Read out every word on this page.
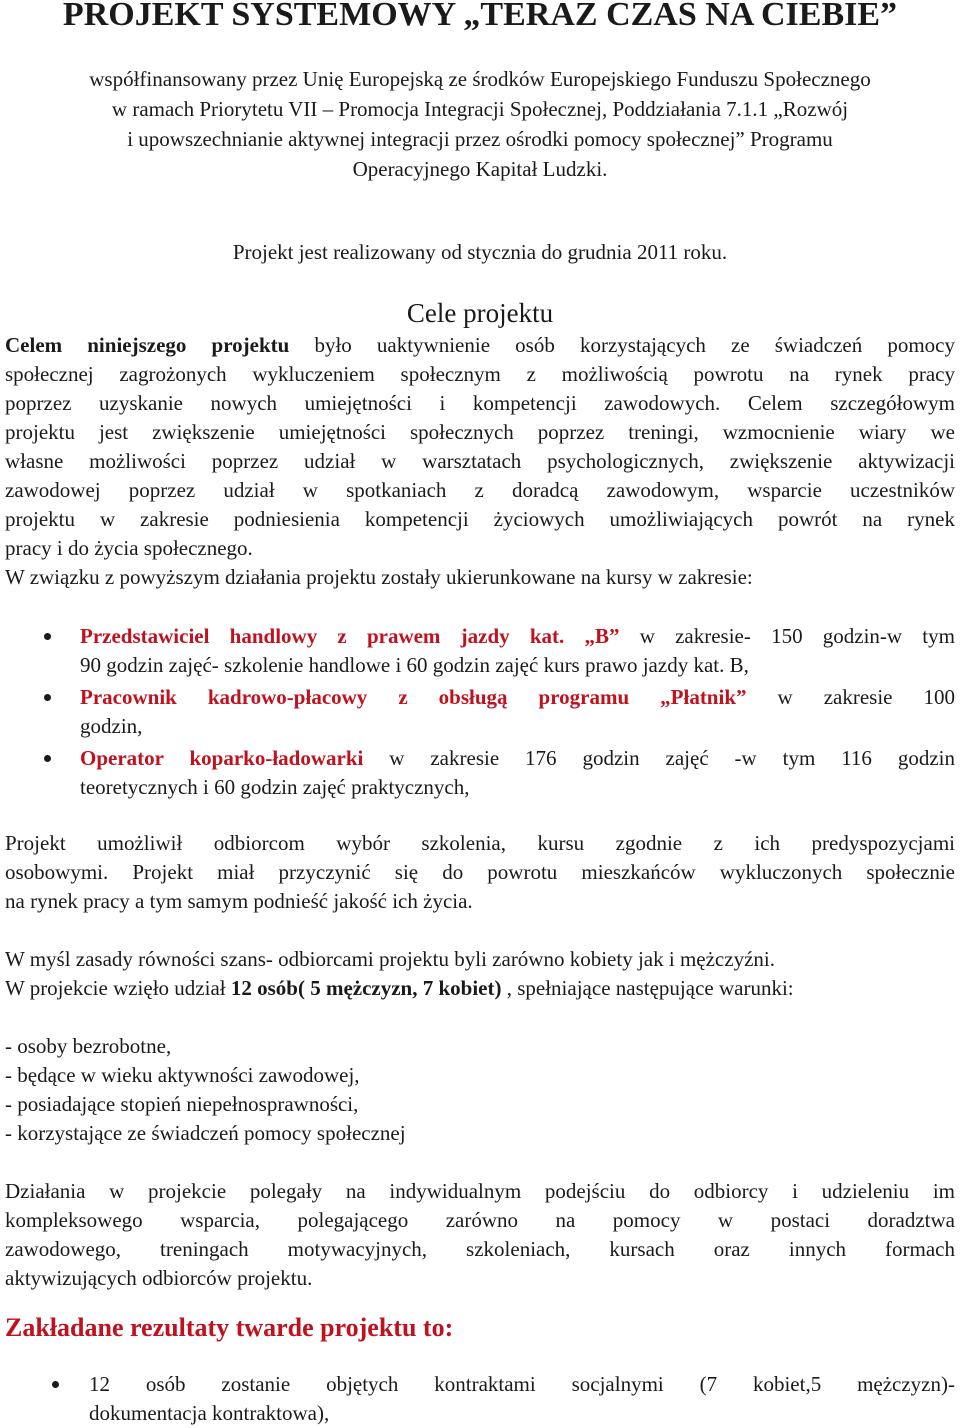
PROJEKT SYSTEMOWY „TERAZ CZAS NA CIEBIE”
współfinansowany przez Unię Europejską ze środków Europejskiego Funduszu Społecznego
w ramach Priorytetu VII – Promocja Integracji Społecznej, Poddziałania 7.1.1 „Rozwój
i upowszechnianie aktywnej integracji przez ośrodki pomocy społecznej” Programu
Operacyjnego Kapitał Ludzki.
Projekt jest realizowany od stycznia do grudnia 2011 roku.
Cele projektu
Celem niniejszego projektu było uaktywnienie osób korzystających ze świadczeń pomocy
społecznej zagrożonych wykluczeniem społecznym z możliwością powrotu na rynek pracy
poprzez uzyskanie nowych umiejętności i kompetencji zawodowych. Celem szczegółowym
projektu jest zwiększenie umiejętności społecznych poprzez treningi, wzmocnienie wiary we
własne możliwości poprzez udział w warsztatach psychologicznych, zwiększenie aktywizacji
zawodowej poprzez udział w spotkaniach z doradcą zawodowym, wsparcie uczestników
projektu w zakresie podniesienia kompetencji życiowych umożliwiających powrót na rynek
pracy i do życia społecznego.
W związku z powyższym działania projektu zostały ukierunkowane na kursy w zakresie:
Przedstawiciel handlowy z prawem jazdy kat. „B” w zakresie- 150 godzin-w tym
90 godzin zajęć- szkolenie handlowe i 60 godzin zajęć kurs prawo jazdy kat. B,
Pracownik kadrowo-płacowy z obsługą programu „Płatnik” w zakresie 100
godzin,
Operator koparko-ładowarki w zakresie 176 godzin zajęć -w tym 116 godzin
teoretycznych i 60 godzin zajęć praktycznych,
Projekt umożliwił odbiorcom wybór szkolenia, kursu zgodnie z ich predyspozycjami
osobowymi. Projekt miał przyczynić się do powrotu mieszkańców wykluczonych społecznie
na rynek pracy a tym samym podnieść jakość ich życia.
W myśl zasady równości szans- odbiorcami projektu byli zarówno kobiety jak i mężczyźni.
W projekcie wzięło udział 12 osób( 5 mężczyzn, 7 kobiet) , spełniające następujące warunki:
- osoby bezrobotne,
- będące w wieku aktywności zawodowej,
- posiadające stopień niepełnosprawności,
- korzystające ze świadczeń pomocy społecznej
Działania w projekcie polegały na indywidualnym podejściu do odbiorcy i udzieleniu im
kompleksowego wsparcia, polegającego zarówno na pomocy w postaci doradztwa
zawodowego, treningach motywacyjnych, szkoleniach, kursach oraz innych formach
aktywizujących odbiorców projektu.
Zakładane rezultaty twarde projektu to:
12 osób zostanie objętych kontraktami socjalnymi (7 kobiet,5 mężczyzn)-
dokumentacja kontraktowa),
